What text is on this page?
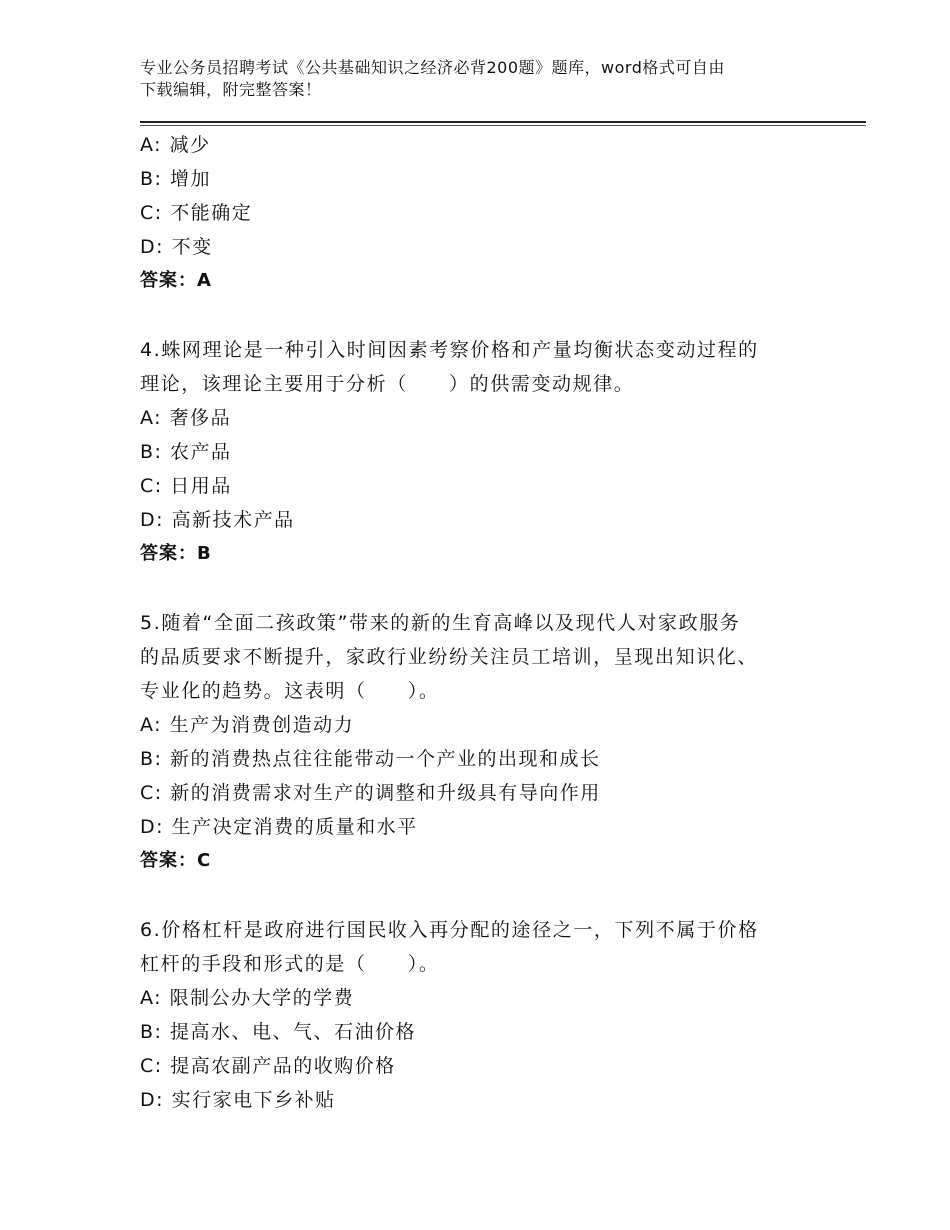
专业公务员招聘考试《公共基础知识之经济必背200题》题库，word格式可自由
下载编辑，附完整答案！
A: 减少
B: 增加
C: 不能确定
D: 不变
答案：A
4.蛛网理论是一种引入时间因素考察价格和产量均衡状态变动过程的
理论，该理论主要用于分析（　　）的供需变动规律。
A: 奢侈品
B: 农产品
C: 日用品
D: 高新技术产品
答案：B
5.随着“全面二孩政策”带来的新的生育高峰以及现代人对家政服务
的品质要求不断提升，家政行业纷纷关注员工培训，呈现出知识化、
专业化的趋势。这表明（　　）。
A: 生产为消费创造动力
B: 新的消费热点往往能带动一个产业的出现和成长
C: 新的消费需求对生产的调整和升级具有导向作用
D: 生产决定消费的质量和水平
答案：C
6.价格杠杆是政府进行国民收入再分配的途径之一，下列不属于价格
杠杆的手段和形式的是（　　）。
A: 限制公办大学的学费
B: 提高水、电、气、石油价格
C: 提高农副产品的收购价格
D: 实行家电下乡补贴
